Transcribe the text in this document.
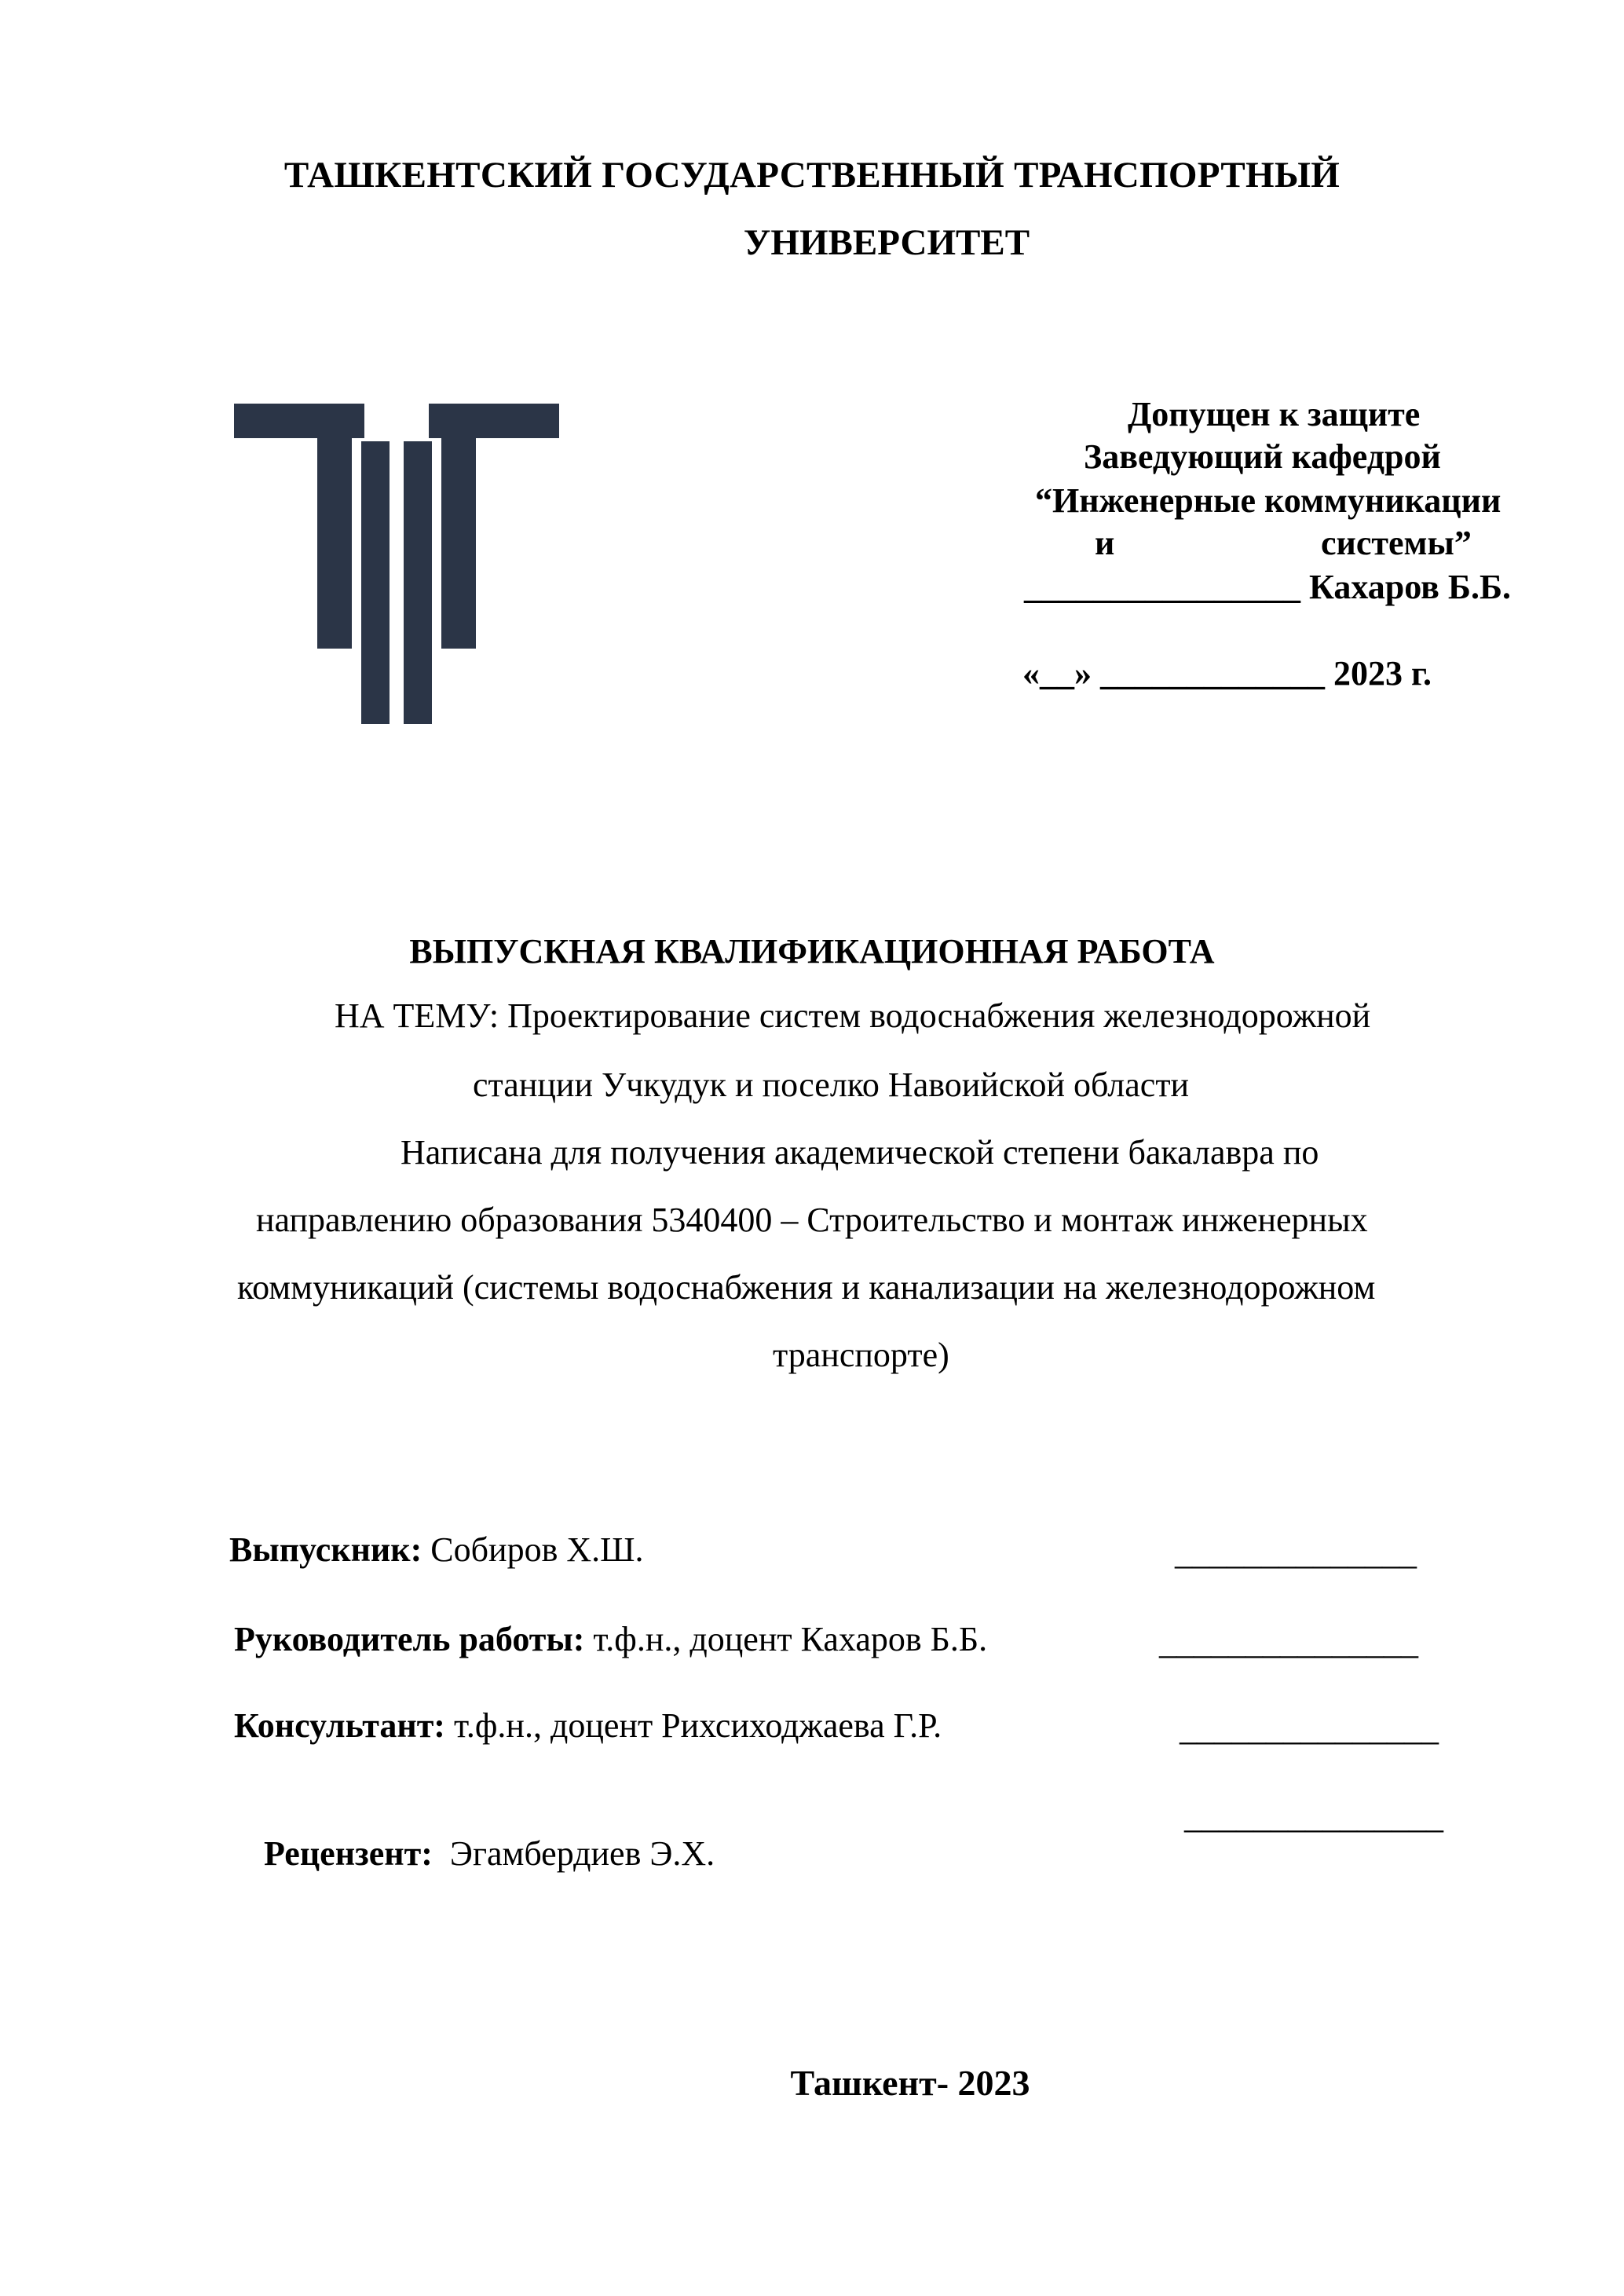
ТАШКЕНТСКИЙ ГОСУДАРСТВЕННЫЙ ТРАНСПОРТНЫЙ
УНИВЕРСИТЕТ
Допущен к защите
Заведующий кафедрой
“Инженерные коммуникации
и	системы”
________________ Кахаров Б.Б.
«__» _____________ 2023 г.
ВЫПУСКНАЯ КВАЛИФИКАЦИОННАЯ РАБОТА
НА ТЕМУ: Проектирование систем водоснабжения железнодорожной
станции Учкудук и поселко Навоийской области
Написана для получения академической степени бакалавра по
направлению образования 5340400 – Строительство и монтаж инженерных
коммуникаций (системы водоснабжения и канализации на железнодорожном
транспорте)
Выпускник: Собиров Х.Ш.	______________
Руководитель работы: т.ф.н., доцент Кахаров Б.Б.	_______________
Консультант: т.ф.н., доцент Рихсиходжаева Г.Р.	_______________

Рецензент:  Эгамбердиев Э.Х.

_______________
Ташкент- 2023
